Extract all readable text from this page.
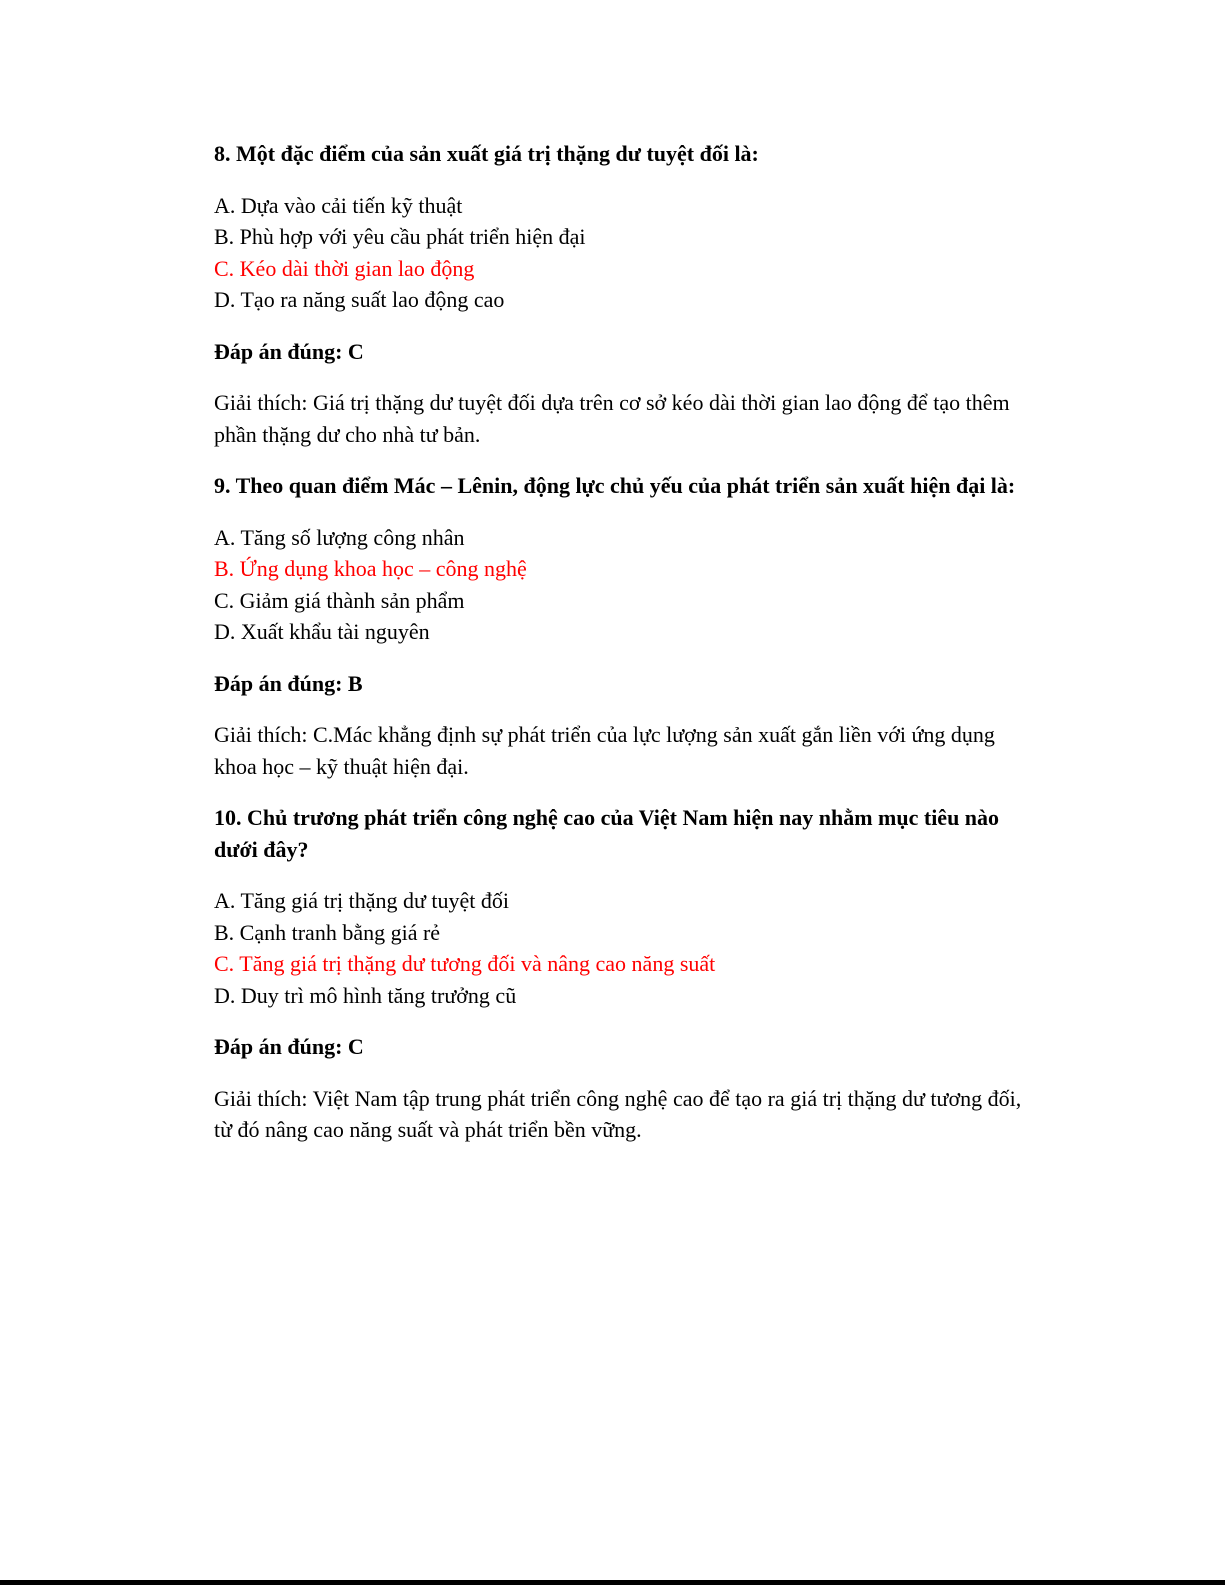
8. Một đặc điểm của sản xuất giá trị thặng dư tuyệt đối là:

A. Dựa vào cải tiến kỹ thuật
B. Phù hợp với yêu cầu phát triển hiện đại
C. Kéo dài thời gian lao động
D. Tạo ra năng suất lao động cao

Đáp án đúng: C

Giải thích: Giá trị thặng dư tuyệt đối dựa trên cơ sở kéo dài thời gian lao động để tạo thêm phần thặng dư cho nhà tư bản.

9. Theo quan điểm Mác – Lênin, động lực chủ yếu của phát triển sản xuất hiện đại là:

A. Tăng số lượng công nhân
B. Ứng dụng khoa học – công nghệ
C. Giảm giá thành sản phẩm
D. Xuất khẩu tài nguyên

Đáp án đúng: B

Giải thích: C.Mác khẳng định sự phát triển của lực lượng sản xuất gắn liền với ứng dụng khoa học – kỹ thuật hiện đại.

10. Chủ trương phát triển công nghệ cao của Việt Nam hiện nay nhằm mục tiêu nào dưới đây?

A. Tăng giá trị thặng dư tuyệt đối
B. Cạnh tranh bằng giá rẻ
C. Tăng giá trị thặng dư tương đối và nâng cao năng suất
D. Duy trì mô hình tăng trưởng cũ

Đáp án đúng: C

Giải thích: Việt Nam tập trung phát triển công nghệ cao để tạo ra giá trị thặng dư tương đối, từ đó nâng cao năng suất và phát triển bền vững.
